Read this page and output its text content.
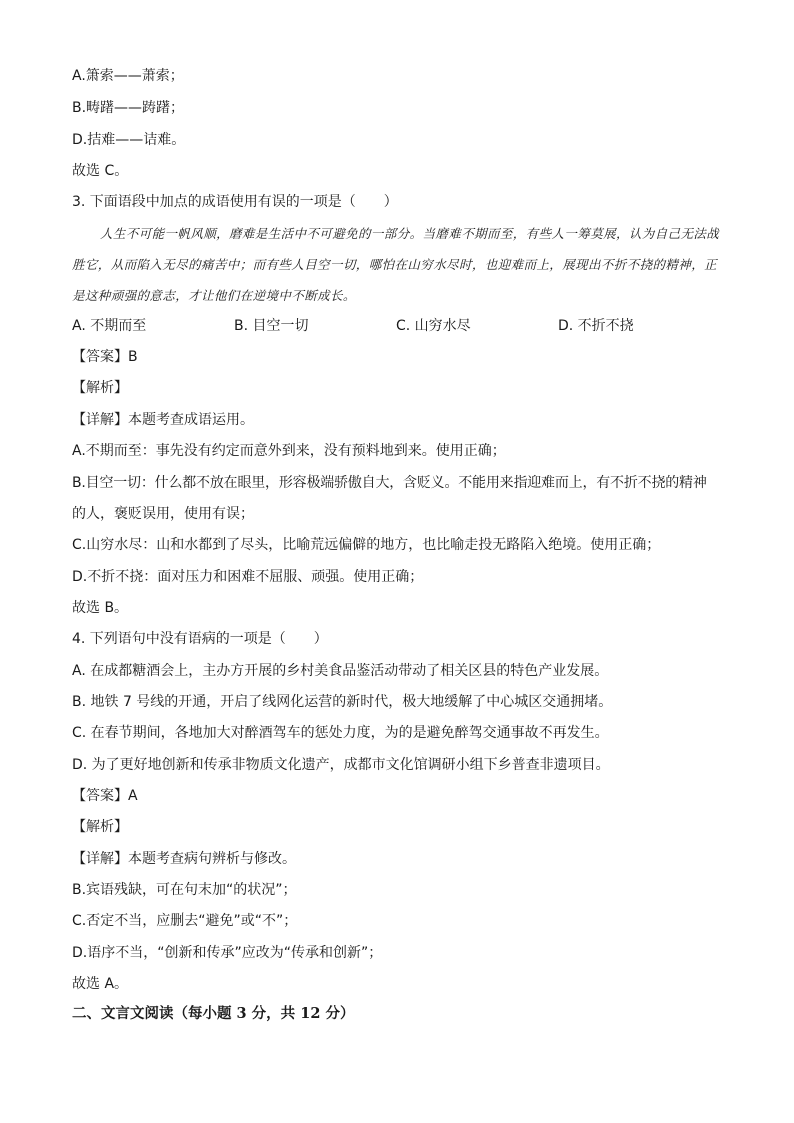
A.箫索——萧索；
B.畴躇——踌躇；
D.拮难——诘难。
故选 C。
3. 下面语段中加点的成语使用有误的一项是（　　）
人生不可能一帆风顺，磨难是生活中不可避免的一部分。当磨难不期而至，有些人一筹莫展，认为自己无法战胜它，从而陷入无尽的痛苦中；而有些人目空一切，哪怕在山穷水尽时，也迎难而上，展现出不折不挠的精神，正是这种顽强的意志，才让他们在逆境中不断成长。
A. 不期而至	B. 目空一切	C. 山穷水尽	D. 不折不挠
【答案】B
【解析】
【详解】本题考查成语运用。
A.不期而至：事先没有约定而意外到来，没有预料地到来。使用正确；
B.目空一切：什么都不放在眼里，形容极端骄傲自大，含贬义。不能用来指迎难而上，有不折不挠的精神
的人，褒贬误用，使用有误；
C.山穷水尽：山和水都到了尽头，比喻荒远偏僻的地方，也比喻走投无路陷入绝境。使用正确；
D.不折不挠：面对压力和困难不屈服、顽强。使用正确；
故选 B。
4. 下列语句中没有语病的一项是（　　）
A. 在成都糖酒会上，主办方开展的乡村美食品鉴活动带动了相关区县的特色产业发展。
B. 地铁 7 号线的开通，开启了线网化运营的新时代，极大地缓解了中心城区交通拥堵。
C. 在春节期间，各地加大对醉酒驾车的惩处力度，为的是避免醉驾交通事故不再发生。
D. 为了更好地创新和传承非物质文化遗产，成都市文化馆调研小组下乡普查非遗项目。
【答案】A
【解析】
【详解】本题考查病句辨析与修改。
B.宾语残缺，可在句末加“的状况”；
C.否定不当，应删去“避免”或“不”；
D.语序不当，“创新和传承”应改为“传承和创新”；
故选 A。
二、文言文阅读（每小题 3 分，共 12 分）
